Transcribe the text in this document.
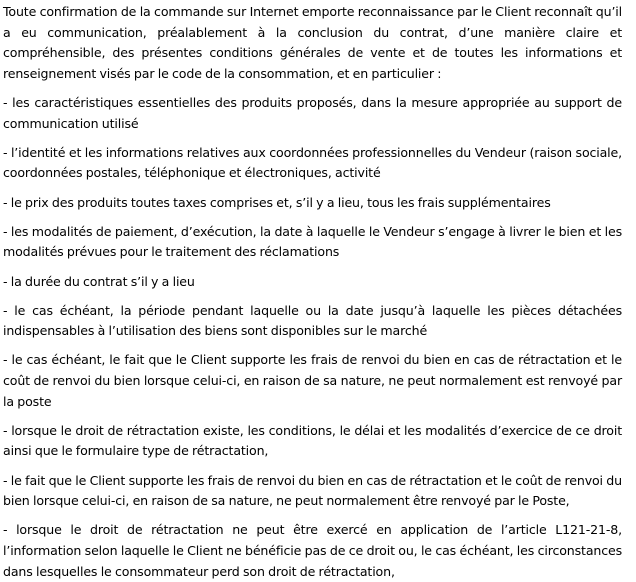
Toute confirmation de la commande sur Internet emporte reconnaissance par le Client reconnaît qu’il a eu communication, préalablement à la conclusion du contrat, d’une manière claire et compréhensible, des présentes conditions générales de vente et de toutes les informations et renseignement visés par le code de la consommation, et en particulier :

- les caractéristiques essentielles des produits proposés, dans la mesure appropriée au support de communication utilisé

- l’identité et les informations relatives aux coordonnées professionnelles du Vendeur (raison sociale, coordonnées postales, téléphonique et électroniques, activité

- le prix des produits toutes taxes comprises et, s’il y a lieu, tous les frais supplémentaires

- les modalités de paiement, d’exécution, la date à laquelle le Vendeur s’engage à livrer le bien et les modalités prévues pour le traitement des réclamations

- la durée du contrat s’il y a lieu

- le cas échéant, la période pendant laquelle ou la date jusqu’à laquelle les pièces détachées indispensables à l’utilisation des biens sont disponibles sur le marché

- le cas échéant, le fait que le Client supporte les frais de renvoi du bien en cas de rétractation et le coût de renvoi du bien lorsque celui-ci, en raison de sa nature, ne peut normalement est renvoyé par la poste

- lorsque le droit de rétractation existe, les conditions, le délai et les modalités d’exercice de ce droit ainsi que le formulaire type de rétractation,

- le fait que le Client supporte les frais de renvoi du bien en cas de rétractation et le coût de renvoi du bien lorsque celui-ci, en raison de sa nature, ne peut normalement être renvoyé par le Poste,

- lorsque le droit de rétractation ne peut être exercé en application de l’article L121-21-8, l’information selon laquelle le Client ne bénéficie pas de ce droit ou, le cas échéant, les circonstances dans lesquelles le consommateur perd son droit de rétractation,
